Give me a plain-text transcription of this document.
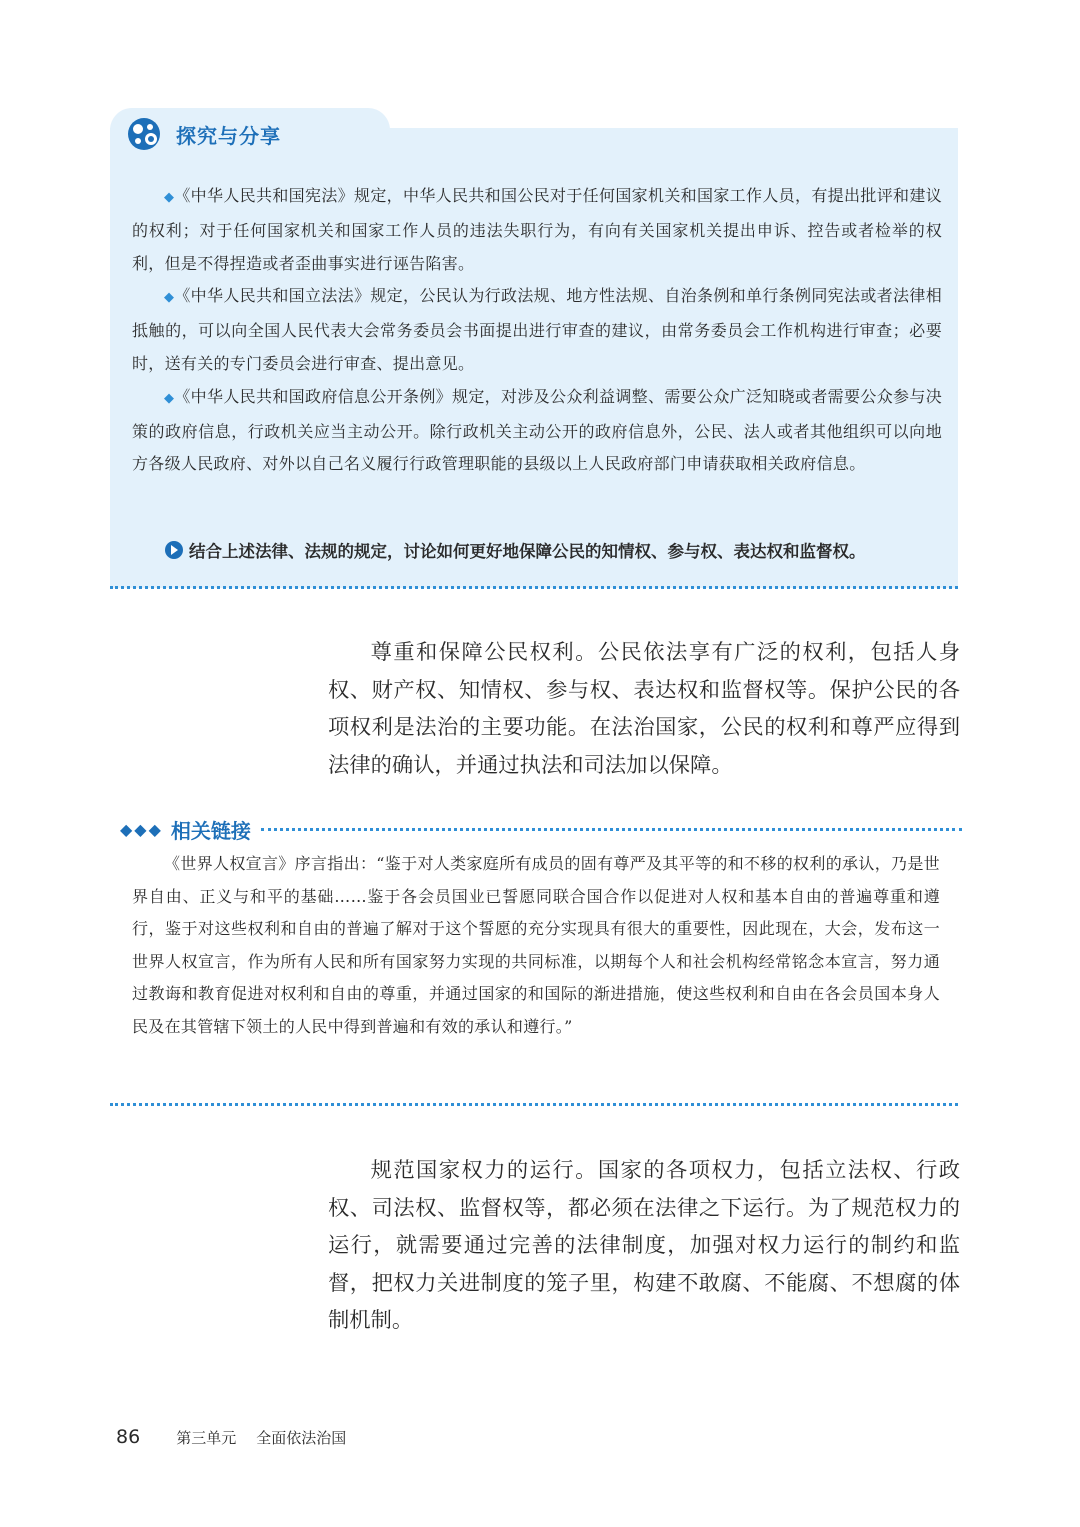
探究与分享

◆《中华人民共和国宪法》规定，中华人民共和国公民对于任何国家机关和国家工作人员，有提出批评和建议的权利；对于任何国家机关和国家工作人员的违法失职行为，有向有关国家机关提出申诉、控告或者检举的权利，但是不得捏造或者歪曲事实进行诬告陷害。

◆《中华人民共和国立法法》规定，公民认为行政法规、地方性法规、自治条例和单行条例同宪法或者法律相抵触的，可以向全国人民代表大会常务委员会书面提出进行审查的建议，由常务委员会工作机构进行审查；必要时，送有关的专门委员会进行审查、提出意见。

◆《中华人民共和国政府信息公开条例》规定，对涉及公众利益调整、需要公众广泛知晓或者需要公众参与决策的政府信息，行政机关应当主动公开。除行政机关主动公开的政府信息外，公民、法人或者其他组织可以向地方各级人民政府、对外以自己名义履行行政管理职能的县级以上人民政府部门申请获取相关政府信息。

结合上述法律、法规的规定，讨论如何更好地保障公民的知情权、参与权、表达权和监督权。

尊重和保障公民权利。公民依法享有广泛的权利，包括人身权、财产权、知情权、参与权、表达权和监督权等。保护公民的各项权利是法治的主要功能。在法治国家，公民的权利和尊严应得到法律的确认，并通过执法和司法加以保障。

◆◆◆ 相关链接

《世界人权宣言》序言指出：“鉴于对人类家庭所有成员的固有尊严及其平等的和不移的权利的承认，乃是世界自由、正义与和平的基础……鉴于各会员国业已誓愿同联合国合作以促进对人权和基本自由的普遍尊重和遵行，鉴于对这些权利和自由的普遍了解对于这个誓愿的充分实现具有很大的重要性，因此现在，大会，发布这一世界人权宣言，作为所有人民和所有国家努力实现的共同标准，以期每个人和社会机构经常铭念本宣言，努力通过教诲和教育促进对权利和自由的尊重，并通过国家的和国际的渐进措施，使这些权利和自由在各会员国本身人民及在其管辖下领土的人民中得到普遍和有效的承认和遵行。”

规范国家权力的运行。国家的各项权力，包括立法权、行政权、司法权、监督权等，都必须在法律之下运行。为了规范权力的运行，就需要通过完善的法律制度，加强对权力运行的制约和监督，把权力关进制度的笼子里，构建不敢腐、不能腐、不想腐的体制机制。

86 第三单元 全面依法治国
